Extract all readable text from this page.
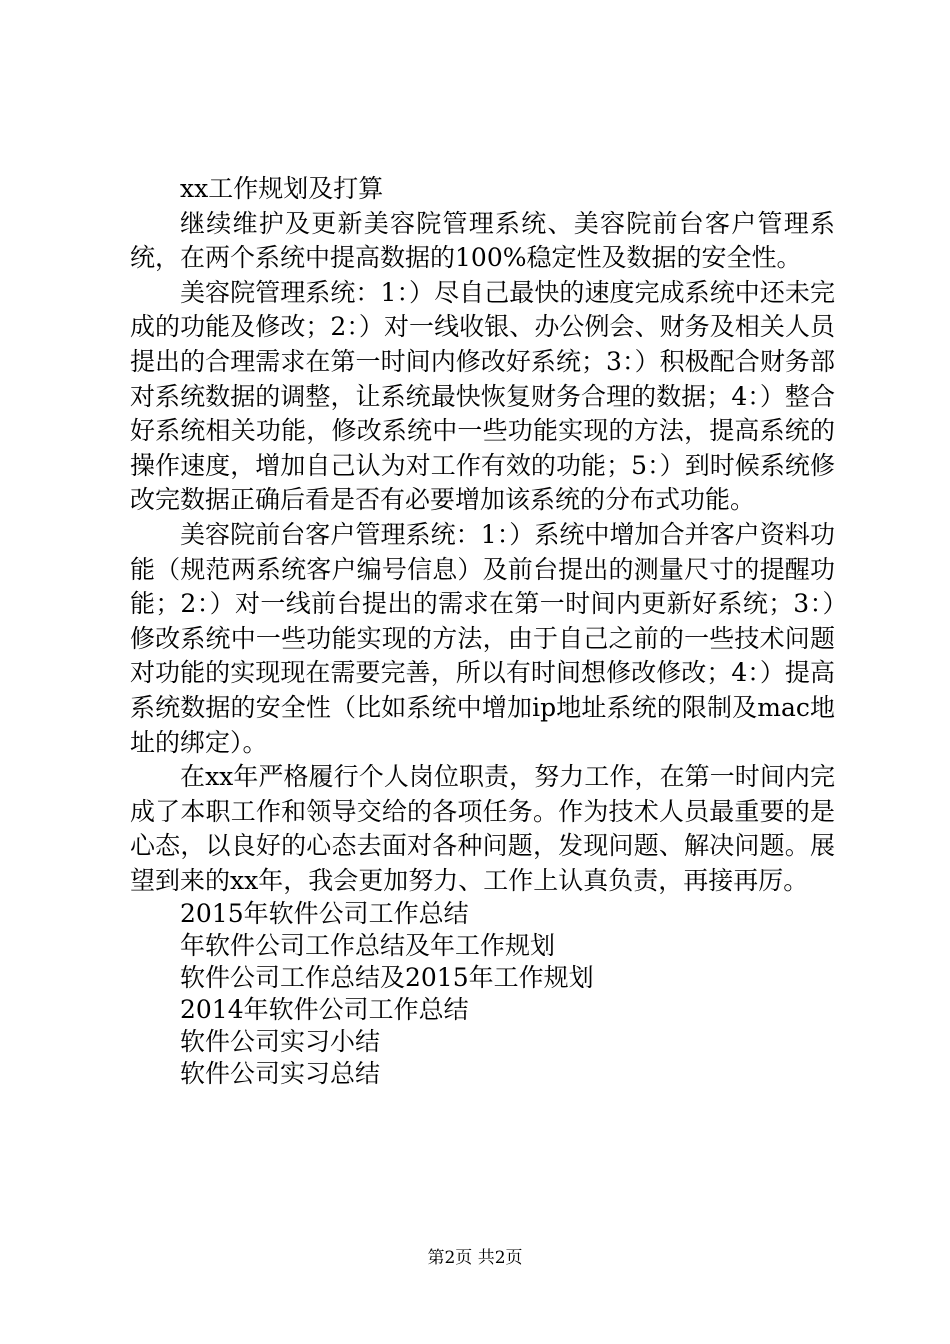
xx工作规划及打算

继续维护及更新美容院管理系统、美容院前台客户管理系统，在两个系统中提高数据的100%稳定性及数据的安全性。

美容院管理系统：1：）尽自己最快的速度完成系统中还未完成的功能及修改；2：）对一线收银、办公例会、财务及相关人员提出的合理需求在第一时间内修改好系统；3：）积极配合财务部对系统数据的调整，让系统最快恢复财务合理的数据；4：）整合好系统相关功能，修改系统中一些功能实现的方法，提高系统的操作速度，增加自己认为对工作有效的功能；5：）到时候系统修改完数据正确后看是否有必要增加该系统的分布式功能。

美容院前台客户管理系统：1：）系统中增加合并客户资料功能（规范两系统客户编号信息）及前台提出的测量尺寸的提醒功能；2：）对一线前台提出的需求在第一时间内更新好系统；3：）修改系统中一些功能实现的方法，由于自己之前的一些技术问题对功能的实现现在需要完善，所以有时间想修改修改；4：）提高系统数据的安全性（比如系统中增加ip地址系统的限制及mac地址的绑定）。

在xx年严格履行个人岗位职责，努力工作，在第一时间内完成了本职工作和领导交给的各项任务。作为技术人员最重要的是心态，以良好的心态去面对各种问题，发现问题、解决问题。展望到来的xx年，我会更加努力、工作上认真负责，再接再厉。

2015年软件公司工作总结
年软件公司工作总结及年工作规划
软件公司工作总结及2015年工作规划
2014年软件公司工作总结
软件公司实习小结
软件公司实习总结
第2页 共2页
